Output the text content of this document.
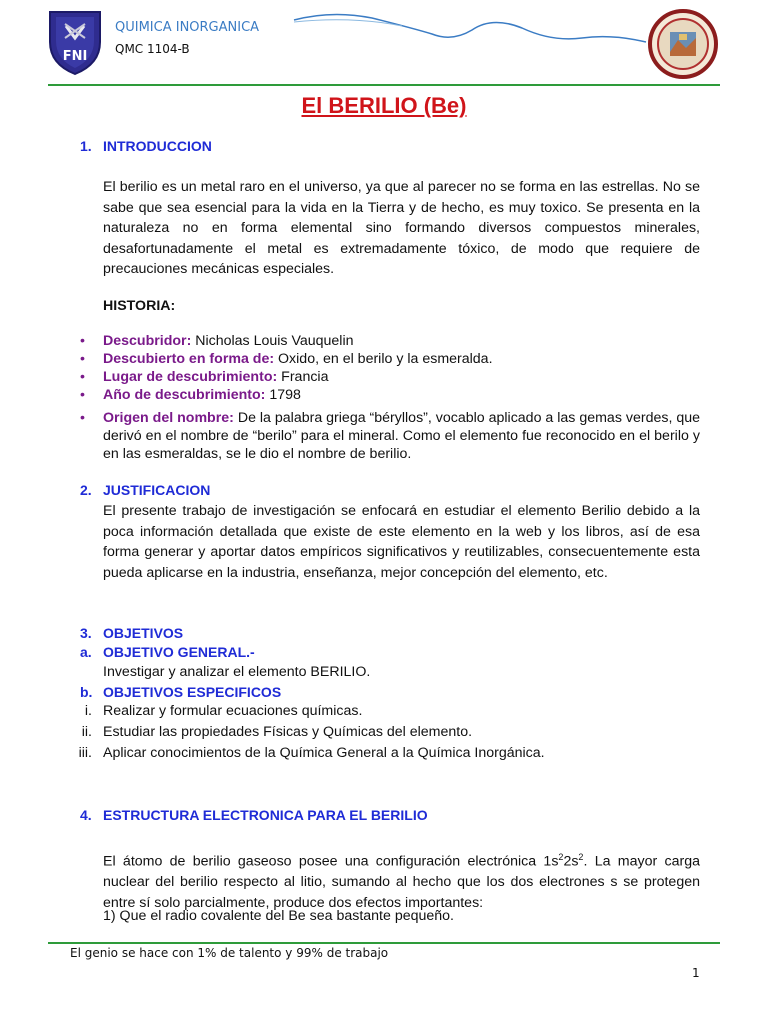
FNI
QUIMICA INORGANICA
QMC 1104-B
El BERILIO (Be)
1. INTRODUCCION
El berilio es un metal raro en el universo, ya que al parecer no se forma en las estrellas. No se sabe que sea esencial para la vida en la Tierra y de hecho, es muy toxico. Se presenta en la naturaleza no en forma elemental sino formando diversos compuestos minerales, desafortunadamente el metal es extremadamente tóxico, de modo que requiere de precauciones mecánicas especiales.
HISTORIA:
• Descubridor: Nicholas Louis Vauquelin
• Descubierto en forma de: Oxido, en el berilo y la esmeralda.
• Lugar de descubrimiento: Francia
• Año de descubrimiento: 1798
• Origen del nombre: De la palabra griega “béryllos”, vocablo aplicado a las gemas verdes, que derivó en el nombre de “berilo” para el mineral. Como el elemento fue reconocido en el berilo y en las esmeraldas, se le dio el nombre de berilio.
2. JUSTIFICACION
El presente trabajo de investigación se enfocará en estudiar el elemento Berilio debido a la poca información detallada que existe de este elemento en la web y los libros, así de esa forma generar y aportar datos empíricos significativos y reutilizables, consecuentemente esta pueda aplicarse en la industria, enseñanza, mejor concepción del elemento, etc.
3. OBJETIVOS
a. OBJETIVO GENERAL.-
Investigar y analizar el elemento BERILIO.
b. OBJETIVOS ESPECIFICOS
i. Realizar y formular ecuaciones químicas.
ii. Estudiar las propiedades Físicas y Químicas del elemento.
iii. Aplicar conocimientos de la Química General a la Química Inorgánica.
4. ESTRUCTURA ELECTRONICA PARA EL BERILIO
El átomo de berilio gaseoso posee una configuración electrónica $1s^22s^2$. La mayor carga nuclear del berilio respecto al litio, sumando al hecho que los dos electrones s se protegen entre sí solo parcialmente, produce dos efectos importantes:
1) Que el radio covalente del Be sea bastante pequeño.
El genio se hace con 1% de talento y 99% de trabajo
1
